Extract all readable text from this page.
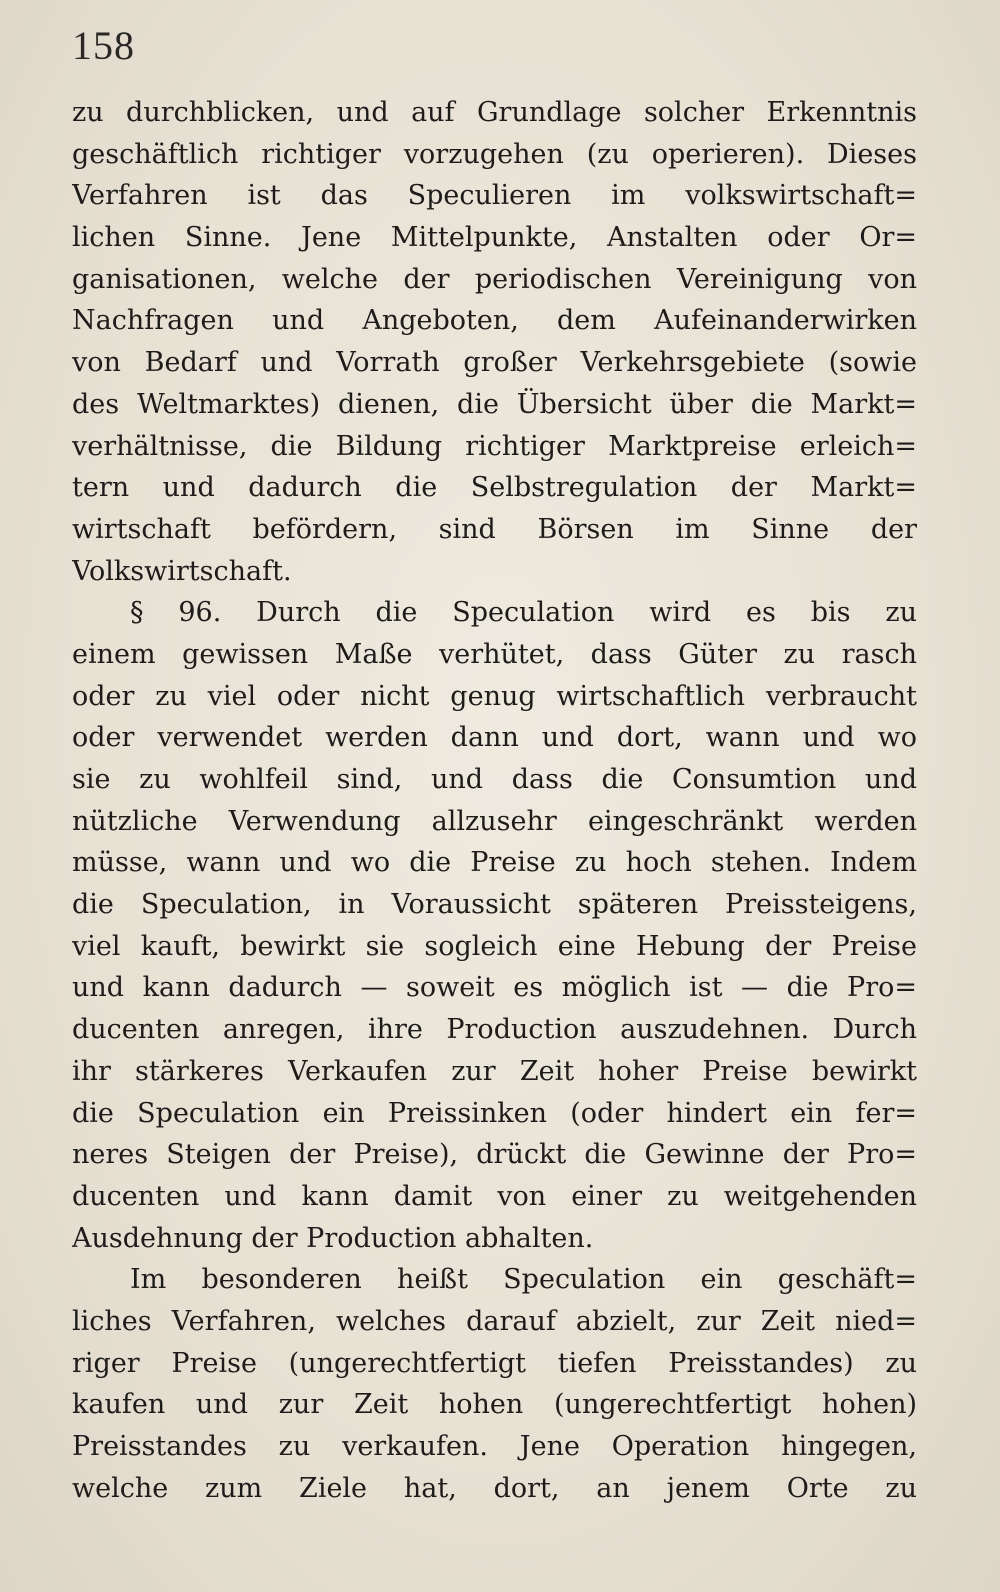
158
zu durchblicken, und auf Grundlage solcher Erkenntnis
geschäftlich richtiger vorzugehen (zu operieren). Dieses
Verfahren ist das Speculieren im volkswirtschaft=
lichen Sinne. Jene Mittelpunkte, Anstalten oder Or=
ganisationen, welche der periodischen Vereinigung von
Nachfragen und Angeboten, dem Aufeinanderwirken
von Bedarf und Vorrath großer Verkehrsgebiete (sowie
des Weltmarktes) dienen, die Übersicht über die Markt=
verhältnisse, die Bildung richtiger Marktpreise erleich=
tern und dadurch die Selbstregulation der Markt=
wirtschaft befördern, sind Börsen im Sinne der
Volkswirtschaft.
§ 96. Durch die Speculation wird es bis zu
einem gewissen Maße verhütet, dass Güter zu rasch
oder zu viel oder nicht genug wirtschaftlich verbraucht
oder verwendet werden dann und dort, wann und wo
sie zu wohlfeil sind, und dass die Consumtion und
nützliche Verwendung allzusehr eingeschränkt werden
müsse, wann und wo die Preise zu hoch stehen. Indem
die Speculation, in Voraussicht späteren Preissteigens,
viel kauft, bewirkt sie sogleich eine Hebung der Preise
und kann dadurch — soweit es möglich ist — die Pro=
ducenten anregen, ihre Production auszudehnen. Durch
ihr stärkeres Verkaufen zur Zeit hoher Preise bewirkt
die Speculation ein Preissinken (oder hindert ein fer=
neres Steigen der Preise), drückt die Gewinne der Pro=
ducenten und kann damit von einer zu weitgehenden
Ausdehnung der Production abhalten.
Im besonderen heißt Speculation ein geschäft=
liches Verfahren, welches darauf abzielt, zur Zeit nied=
riger Preise (ungerechtfertigt tiefen Preisstandes) zu
kaufen und zur Zeit hohen (ungerechtfertigt hohen)
Preisstandes zu verkaufen. Jene Operation hingegen,
welche zum Ziele hat, dort, an jenem Orte zu
